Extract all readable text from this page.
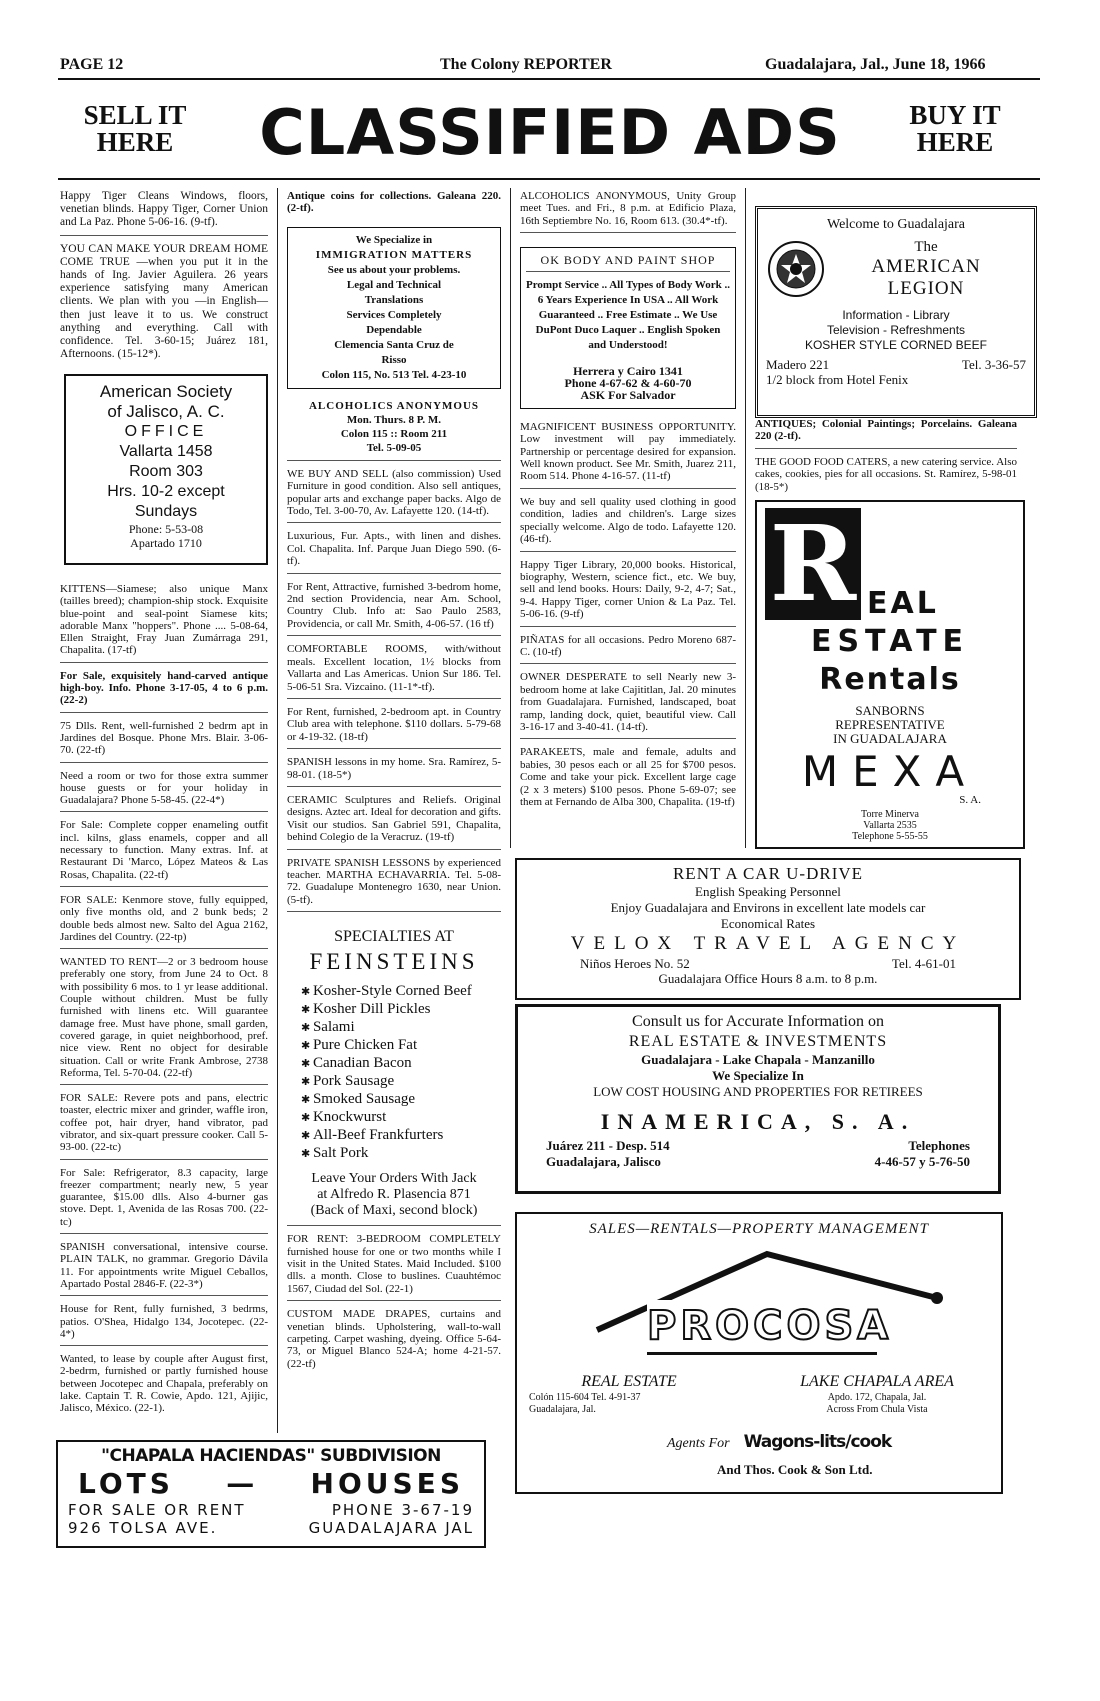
PAGE 12	The Colony REPORTER	Guadalajara, Jal., June 18, 1966
SELL IT
HERE CLASSIFIED ADS	BUY IT
HERE
Happy Tiger Cleans Windows, floors, venetian blinds. Happy Tiger, Corner Union and La Paz. Phone 5-06-16. (9-tf).
YOU CAN MAKE YOUR DREAM HOME COME TRUE —when you put it in the hands of Ing. Javier Aguilera. 26 years experience satisfying many American clients. We plan with you —in English— then just leave it to us. We construct anything and everything. Call with confidence. Tel. 3-60-15; Juárez 181, Afternoons. (15-12*).
American Society
of Jalisco, A. C.
OFFICE
Vallarta 1458
Room 303
Hrs. 10-2 except
Sundays
Phone: 5-53-08
Apartado 1710
KITTENS—Siamese; also unique Manx (tailles breed); champion-ship stock. Exquisite blue-point and seal-point Siamese kits; adorable Manx "hoppers". Phone .... 5-08-64, Ellen Straight, Fray Juan Zumárraga 291, Chapalita. (17-tf)
For Sale, exquisitely hand-carved antique high-boy. Info. Phone 3-17-05, 4 to 6 p.m. (22-2)
75 Dlls. Rent, well-furnished 2 bedrm apt in Jardines del Bosque. Phone Mrs. Blair. 3-06-70. (22-tf)
Need a room or two for those extra summer house guests or for your holiday in Guadalajara? Phone 5-58-45. (22-4*)
For Sale: Complete copper enameling outfit incl. kilns, glass enamels, copper and all necessary to function. Many extras. Inf. at Restaurant Di 'Marco, López Mateos & Las Rosas, Chapalita. (22-tf)
FOR SALE: Kenmore stove, fully equipped, only five months old, and 2 bunk beds; 2 double beds almost new. Salto del Agua 2162, Jardines del Country. (22-tp)
WANTED TO RENT—2 or 3 bedroom house preferably one story, from June 24 to Oct. 8 with possibility 6 mos. to 1 yr lease additional. Couple without children. Must be fully furnished with linens etc. Will guarantee damage free. Must have phone, small garden, covered garage, in quiet neighborhood, pref. nice view. Rent no object for desirable situation. Call or write Frank Ambrose, 2738 Reforma, Tel. 5-70-04. (22-tf)
FOR SALE: Revere pots and pans, electric toaster, electric mixer and grinder, waffle iron, coffee pot, hair dryer, hand vibrator, pad vibrator, and six-quart pressure cooker. Call 5-93-00. (22-tc)
For Sale: Refrigerator, 8.3 capacity, large freezer compartment; nearly new, 5 year guarantee, $15.00 dlls. Also 4-burner gas stove. Dept. 1, Avenida de las Rosas 700. (22-tc)
SPANISH conversational, intensive course. PLAIN TALK, no grammar. Gregorio Dávila 11. For appointments write Miguel Ceballos, Apartado Postal 2846-F. (22-3*)
House for Rent, fully furnished, 3 bedrms, patios. O'Shea, Hidalgo 134, Jocotepec. (22-4*)
Wanted, to lease by couple after August first, 2-bedrm, furnished or partly furnished house between Jocotepec and Chapala, preferably on lake. Captain T. R. Cowie, Apdo. 121, Ajijic, Jalisco, México. (22-1).
Antique coins for collections. Galeana 220. (2-tf).
We Specialize in
IMMIGRATION MATTERS
See us about your problems.
Legal and Technical
Translations
Services Completely
Dependable
Clemencia Santa Cruz de
Risso
Colon 115, No. 513 Tel. 4-23-10
ALCOHOLICS ANONYMOUS
Mon. Thurs. 8 P. M.
Colon 115 :: Room 211
Tel. 5-09-05
WE BUY AND SELL (also commission) Used Furniture in good condition. Also sell antiques, popular arts and exchange paper backs. Algo de Todo, Tel. 3-00-70, Av. Lafayette 120. (14-tf).
Luxurious, Fur. Apts., with linen and dishes. Col. Chapalita. Inf. Parque Juan Diego 590. (6-tf).
For Rent, Attractive, furnished 3-bedrom home, 2nd section Providencia, near Am. School, Country Club. Info at: Sao Paulo 2583, Providencia, or call Mr. Smith, 4-06-57. (16 tf)
COMFORTABLE ROOMS, with/without meals. Excellent location, 1½ blocks from Vallarta and Las Americas. Union Sur 186. Tel. 5-06-51 Sra. Vizcaino. (11-1*-tf).
For Rent, furnished, 2-bedroom apt. in Country Club area with telephone. $110 dollars. 5-79-68 or 4-19-32. (18-tf)
SPANISH lessons in my home. Sra. Ramírez, 5-98-01. (18-5*)
CERAMIC Sculptures and Reliefs. Original designs. Aztec art. Ideal for decoration and gifts. Visit our studios. San Gabriel 591, Chapalita, behind Colegio de la Veracruz. (19-tf)
PRIVATE SPANISH LESSONS by experienced teacher. MARTHA ECHAVARRIA. Tel. 5-08-72. Guadalupe Montenegro 1630, near Union. (5-tf).
SPECIALTIES AT
FEINSTEINS
✱ Kosher-Style Corned Beef
✱ Kosher Dill Pickles
✱ Salami
✱ Pure Chicken Fat
✱ Canadian Bacon
✱ Pork Sausage
✱ Smoked Sausage
✱ Knockwurst
✱ All-Beef Frankfurters
✱ Salt Pork
Leave Your Orders With Jack
at Alfredo R. Plasencia 871
(Back of Maxi, second block)
FOR RENT: 3-BEDROOM COMPLETELY furnished house for one or two months while I visit in the United States. Maid Included. $100 dlls. a month. Close to buslines. Cuauhtémoc 1567, Ciudad del Sol. (22-1)
CUSTOM MADE DRAPES, curtains and venetian blinds. Upholstering, wall-to-wall carpeting. Carpet washing, dyeing. Office 5-64-73, or Miguel Blanco 524-A; home 4-21-57. (22-tf)
ALCOHOLICS ANONYMOUS, Unity Group meet Tues. and Fri., 8 p.m. at Edificio Plaza, 16th Septiembre No. 16, Room 613. (30.4*-tf).
OK BODY AND PAINT SHOP
Prompt Service .. All Types of Body Work .. 6 Years Experience In USA .. All Work Guaranteed .. Free Estimate .. We Use DuPont Duco Laquer .. English Spoken and Understood!
Herrera y Cairo 1341
Phone 4-67-62 & 4-60-70
ASK For Salvador
MAGNIFICENT BUSINESS OPPORTUNITY. Low investment will pay immediately. Partnership or percentage desired for expansion. Well known product. See Mr. Smith, Juarez 211, Room 514. Phone 4-16-57. (11-tf)
We buy and sell quality used clothing in good condition, ladies and children's. Large sizes specially welcome. Algo de todo. Lafayette 120. (46-tf).
Happy Tiger Library, 20,000 books. Historical, biography, Western, science fict., etc. We buy, sell and lend books. Hours: Daily, 9-2, 4-7; Sat., 9-4. Happy Tiger, corner Union & La Paz. Tel. 5-06-16. (9-tf)
PIÑATAS for all occasions. Pedro Moreno 687-C. (10-tf)
OWNER DESPERATE to sell Nearly new 3-bedroom home at lake Cajititlan, Jal. 20 minutes from Guadalajara. Furnished, landscaped, boat ramp, landing dock, quiet, beautiful view. Call 3-16-17 and 3-40-41. (14-tf).
PARAKEETS, male and female, adults and babies, 30 pesos each or all 25 for $700 pesos. Come and take your pick. Excellent large cage (2 x 3 meters) $100 pesos. Phone 5-69-07; see them at Fernando de Alba 300, Chapalita. (19-tf)
Welcome to Guadalajara
The
AMERICAN
LEGION
Information - Library
Television - Refreshments
KOSHER STYLE CORNED BEEF
Madero 221	Tel. 3-36-57
1/2 block from Hotel Fenix
ANTIQUES; Colonial Paintings; Porcelains. Galeana 220 (2-tf).
THE GOOD FOOD CATERS, a new catering service. Also cakes, cookies, pies for all occasions. St. Ramírez, 5-98-01 (18-5*)
R EAL
ESTATE
Rentals
SANBORNS
REPRESENTATIVE
IN GUADALAJARA
MEXA
S. A.
Torre Minerva
Vallarta 2535
Telephone 5-55-55
RENT A CAR U-DRIVE
English Speaking Personnel
Enjoy Guadalajara and Environs in excellent late models car
Economical Rates
VELOX TRAVEL AGENCY
Niños Heroes No. 52	Tel. 4-61-01
Guadalajara Office Hours 8 a.m. to 8 p.m.
Consult us for Accurate Information on
REAL ESTATE & INVESTMENTS
Guadalajara - Lake Chapala - Manzanillo
We Specialize In
LOW COST HOUSING AND PROPERTIES FOR RETIREES
INAMERICA, S. A.
Juárez 211 - Desp. 514	Telephones
Guadalajara, Jalisco	4-46-57 y 5-76-50
SALES—RENTALS—PROPERTY MANAGEMENT
PROCOSA
REAL ESTATE
Colón 115-604 Tel. 4-91-37
Guadalajara, Jal.
LAKE CHAPALA AREA
Apdo. 172, Chapala, Jal.
Across From Chula Vista
Agents For Wagons-lits/cook
And Thos. Cook & Son Ltd.
"CHAPALA HACIENDAS" SUBDIVISION
LOTS — HOUSES
FOR SALE OR RENT	PHONE 3-67-19
926 TOLSA AVE.	GUADALAJARA JAL
